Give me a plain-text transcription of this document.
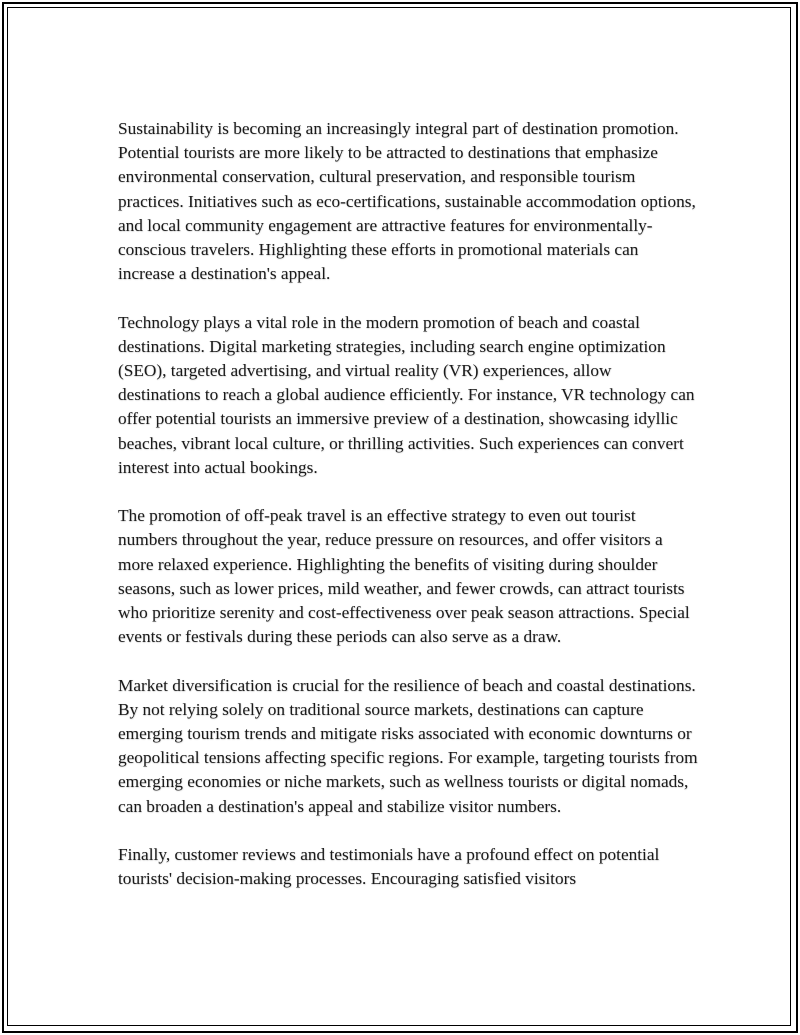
Sustainability is becoming an increasingly integral part of destination promotion. Potential tourists are more likely to be attracted to destinations that emphasize environmental conservation, cultural preservation, and responsible tourism practices. Initiatives such as eco-certifications, sustainable accommodation options, and local community engagement are attractive features for environmentally-conscious travelers. Highlighting these efforts in promotional materials can increase a destination's appeal.

Technology plays a vital role in the modern promotion of beach and coastal destinations. Digital marketing strategies, including search engine optimization (SEO), targeted advertising, and virtual reality (VR) experiences, allow destinations to reach a global audience efficiently. For instance, VR technology can offer potential tourists an immersive preview of a destination, showcasing idyllic beaches, vibrant local culture, or thrilling activities. Such experiences can convert interest into actual bookings.

The promotion of off-peak travel is an effective strategy to even out tourist numbers throughout the year, reduce pressure on resources, and offer visitors a more relaxed experience. Highlighting the benefits of visiting during shoulder seasons, such as lower prices, mild weather, and fewer crowds, can attract tourists who prioritize serenity and cost-effectiveness over peak season attractions. Special events or festivals during these periods can also serve as a draw.

Market diversification is crucial for the resilience of beach and coastal destinations. By not relying solely on traditional source markets, destinations can capture emerging tourism trends and mitigate risks associated with economic downturns or geopolitical tensions affecting specific regions. For example, targeting tourists from emerging economies or niche markets, such as wellness tourists or digital nomads, can broaden a destination's appeal and stabilize visitor numbers.

Finally, customer reviews and testimonials have a profound effect on potential tourists' decision-making processes. Encouraging satisfied visitors
